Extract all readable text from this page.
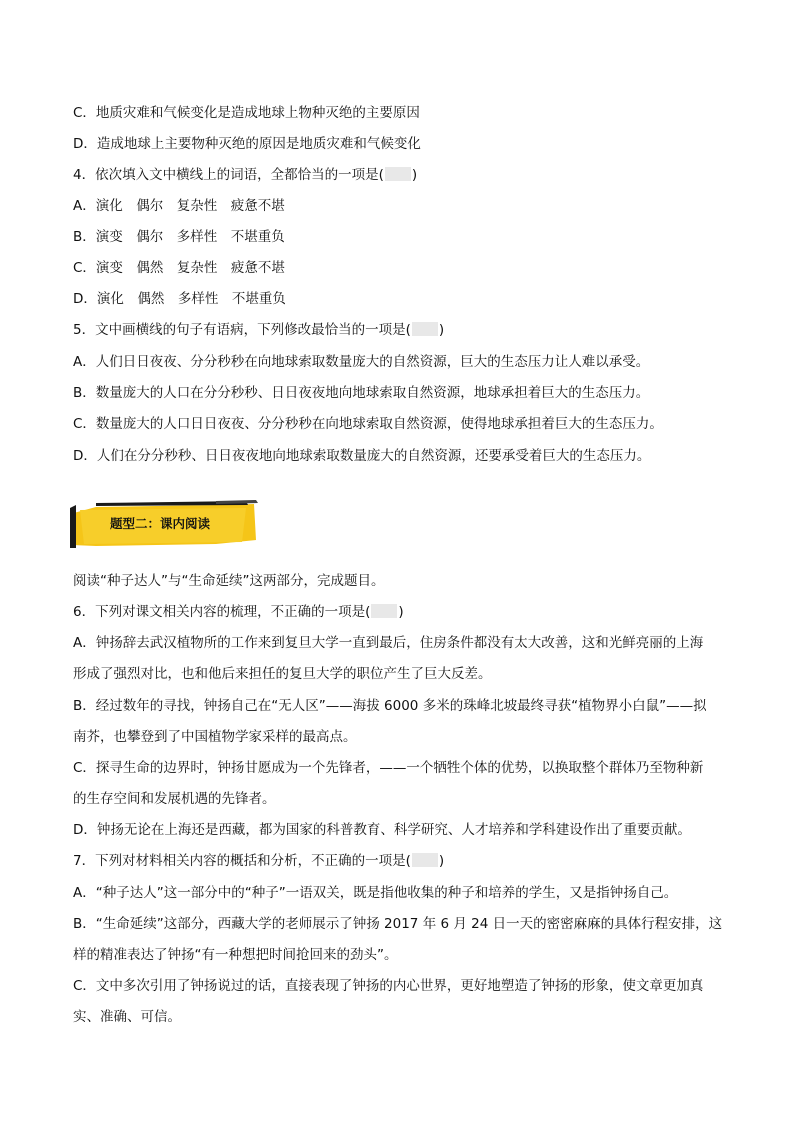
C．地质灾难和气候变化是造成地球上物种灭绝的主要原因
D．造成地球上主要物种灭绝的原因是地质灾难和气候变化
4．依次填入文中横线上的词语，全都恰当的一项是( )
A．演化　偶尔　复杂性　疲惫不堪
B．演变　偶尔　多样性　不堪重负
C．演变　偶然　复杂性　疲惫不堪
D．演化　偶然　多样性　不堪重负
5．文中画横线的句子有语病，下列修改最恰当的一项是( )
A．人们日日夜夜、分分秒秒在向地球索取数量庞大的自然资源，巨大的生态压力让人难以承受。
B．数量庞大的人口在分分秒秒、日日夜夜地向地球索取自然资源，地球承担着巨大的生态压力。
C．数量庞大的人口日日夜夜、分分秒秒在向地球索取自然资源，使得地球承担着巨大的生态压力。
D．人们在分分秒秒、日日夜夜地向地球索取数量庞大的自然资源，还要承受着巨大的生态压力。
题型二：课内阅读
阅读“种子达人”与“生命延续”这两部分，完成题目。
6．下列对课文相关内容的梳理，不正确的一项是( )
A．钟扬辞去武汉植物所的工作来到复旦大学一直到最后，住房条件都没有太大改善，这和光鲜亮丽的上海
形成了强烈对比，也和他后来担任的复旦大学的职位产生了巨大反差。
B．经过数年的寻找，钟扬自己在“无人区”——海拔 6000 多米的珠峰北坡最终寻获“植物界小白鼠”——拟
南芥，也攀登到了中国植物学家采样的最高点。
C．探寻生命的边界时，钟扬甘愿成为一个先锋者，——一个牺牲个体的优势，以换取整个群体乃至物种新
的生存空间和发展机遇的先锋者。
D．钟扬无论在上海还是西藏，都为国家的科普教育、科学研究、人才培养和学科建设作出了重要贡献。
7．下列对材料相关内容的概括和分析，不正确的一项是( )
A．“种子达人”这一部分中的“种子”一语双关，既是指他收集的种子和培养的学生，又是指钟扬自己。
B．“生命延续”这部分，西藏大学的老师展示了钟扬 2017 年 6 月 24 日一天的密密麻麻的具体行程安排，这
样的精准表达了钟扬“有一种想把时间抢回来的劲头”。
C．文中多次引用了钟扬说过的话，直接表现了钟扬的内心世界，更好地塑造了钟扬的形象，使文章更加真
实、准确、可信。
